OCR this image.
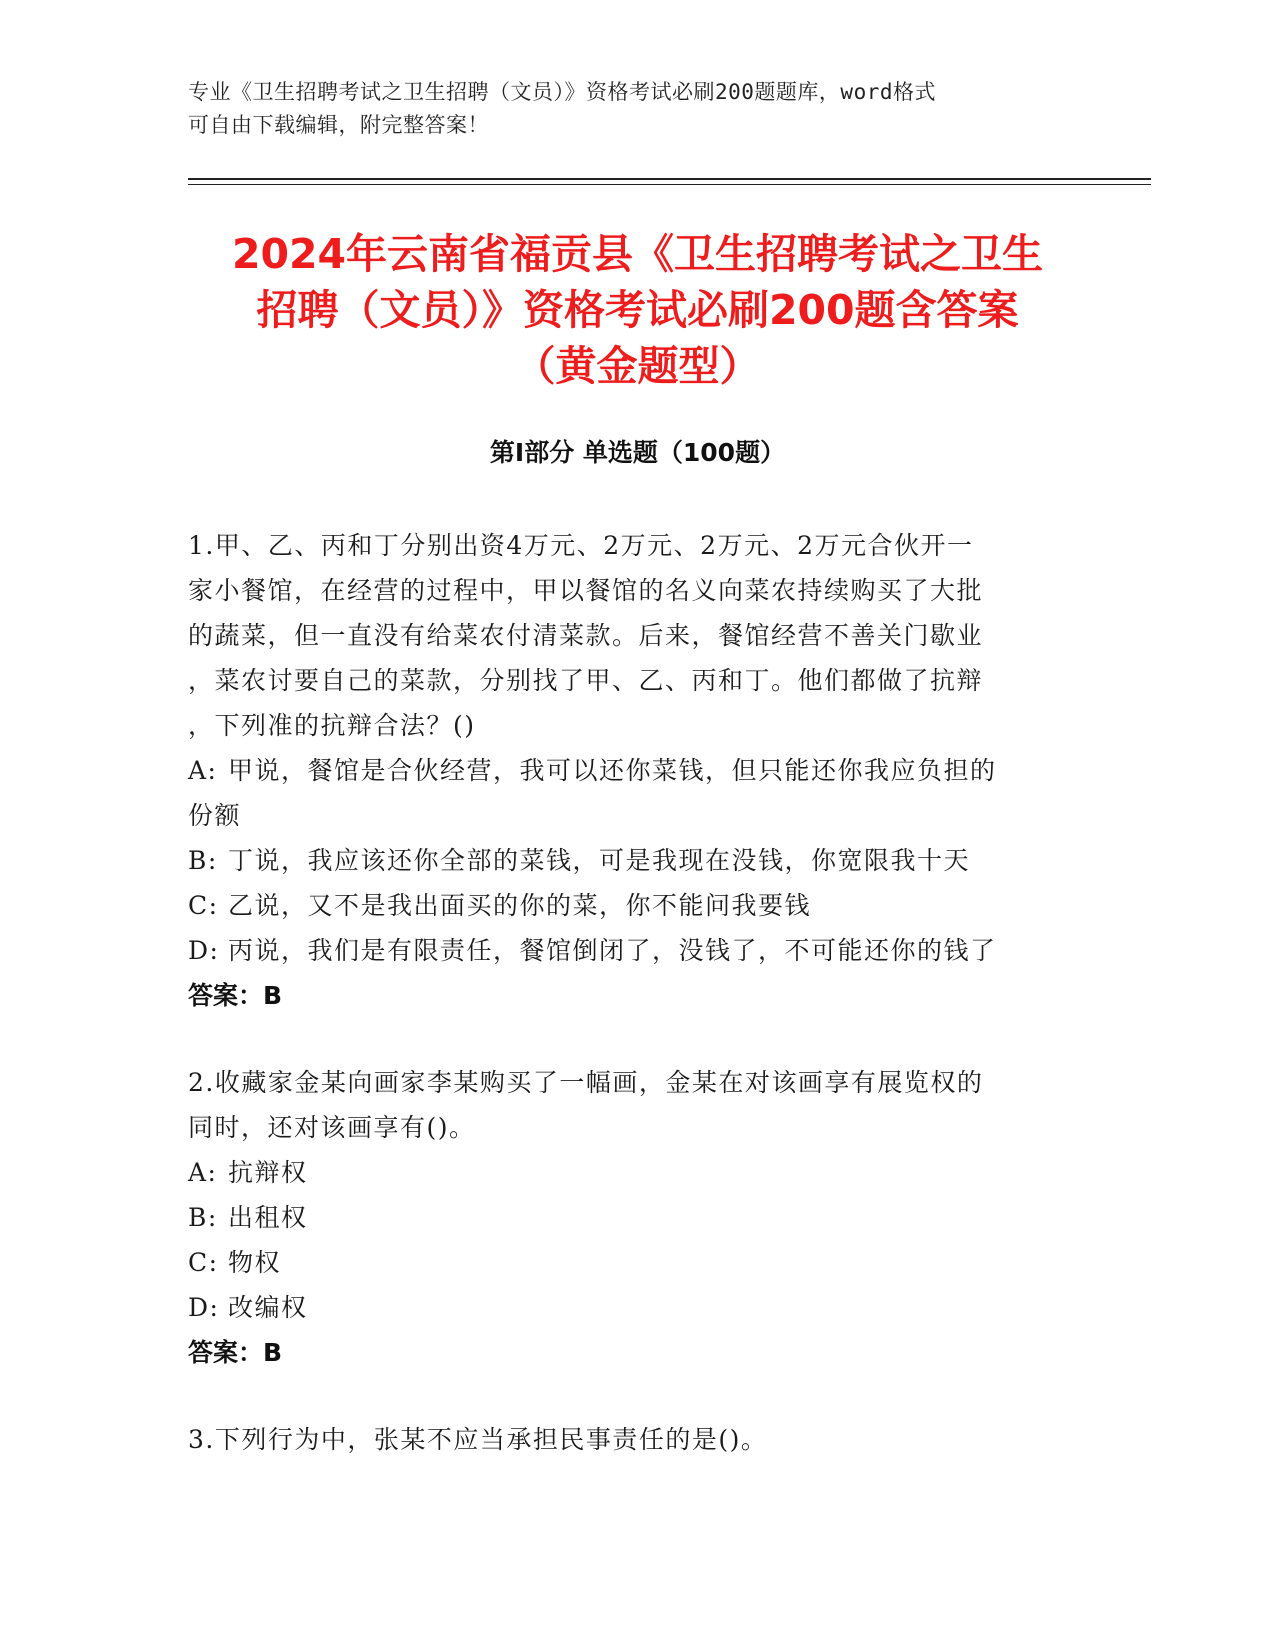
专业《卫生招聘考试之卫生招聘（文员）》资格考试必刷200题题库，word格式
可自由下载编辑，附完整答案！
2024年云南省福贡县《卫生招聘考试之卫生
招聘（文员）》资格考试必刷200题含答案
（黄金题型）
第Ⅰ部分 单选题（100题）
1.甲、乙、丙和丁分别出资4万元、2万元、2万元、2万元合伙开一
家小餐馆，在经营的过程中，甲以餐馆的名义向菜农持续购买了大批
的蔬菜，但一直没有给菜农付清菜款。后来，餐馆经营不善关门歇业
，菜农讨要自己的菜款，分别找了甲、乙、丙和丁。他们都做了抗辩
，下列准的抗辩合法？()
A: 甲说，餐馆是合伙经营，我可以还你菜钱，但只能还你我应负担的
份额
B: 丁说，我应该还你全部的菜钱，可是我现在没钱，你宽限我十天
C: 乙说，又不是我出面买的你的菜，你不能问我要钱
D: 丙说，我们是有限责任，餐馆倒闭了，没钱了，不可能还你的钱了
答案：B
2.收藏家金某向画家李某购买了一幅画，金某在对该画享有展览权的
同时，还对该画享有()。
A: 抗辩权
B: 出租权
C: 物权
D: 改编权
答案：B
3.下列行为中，张某不应当承担民事责任的是()。
